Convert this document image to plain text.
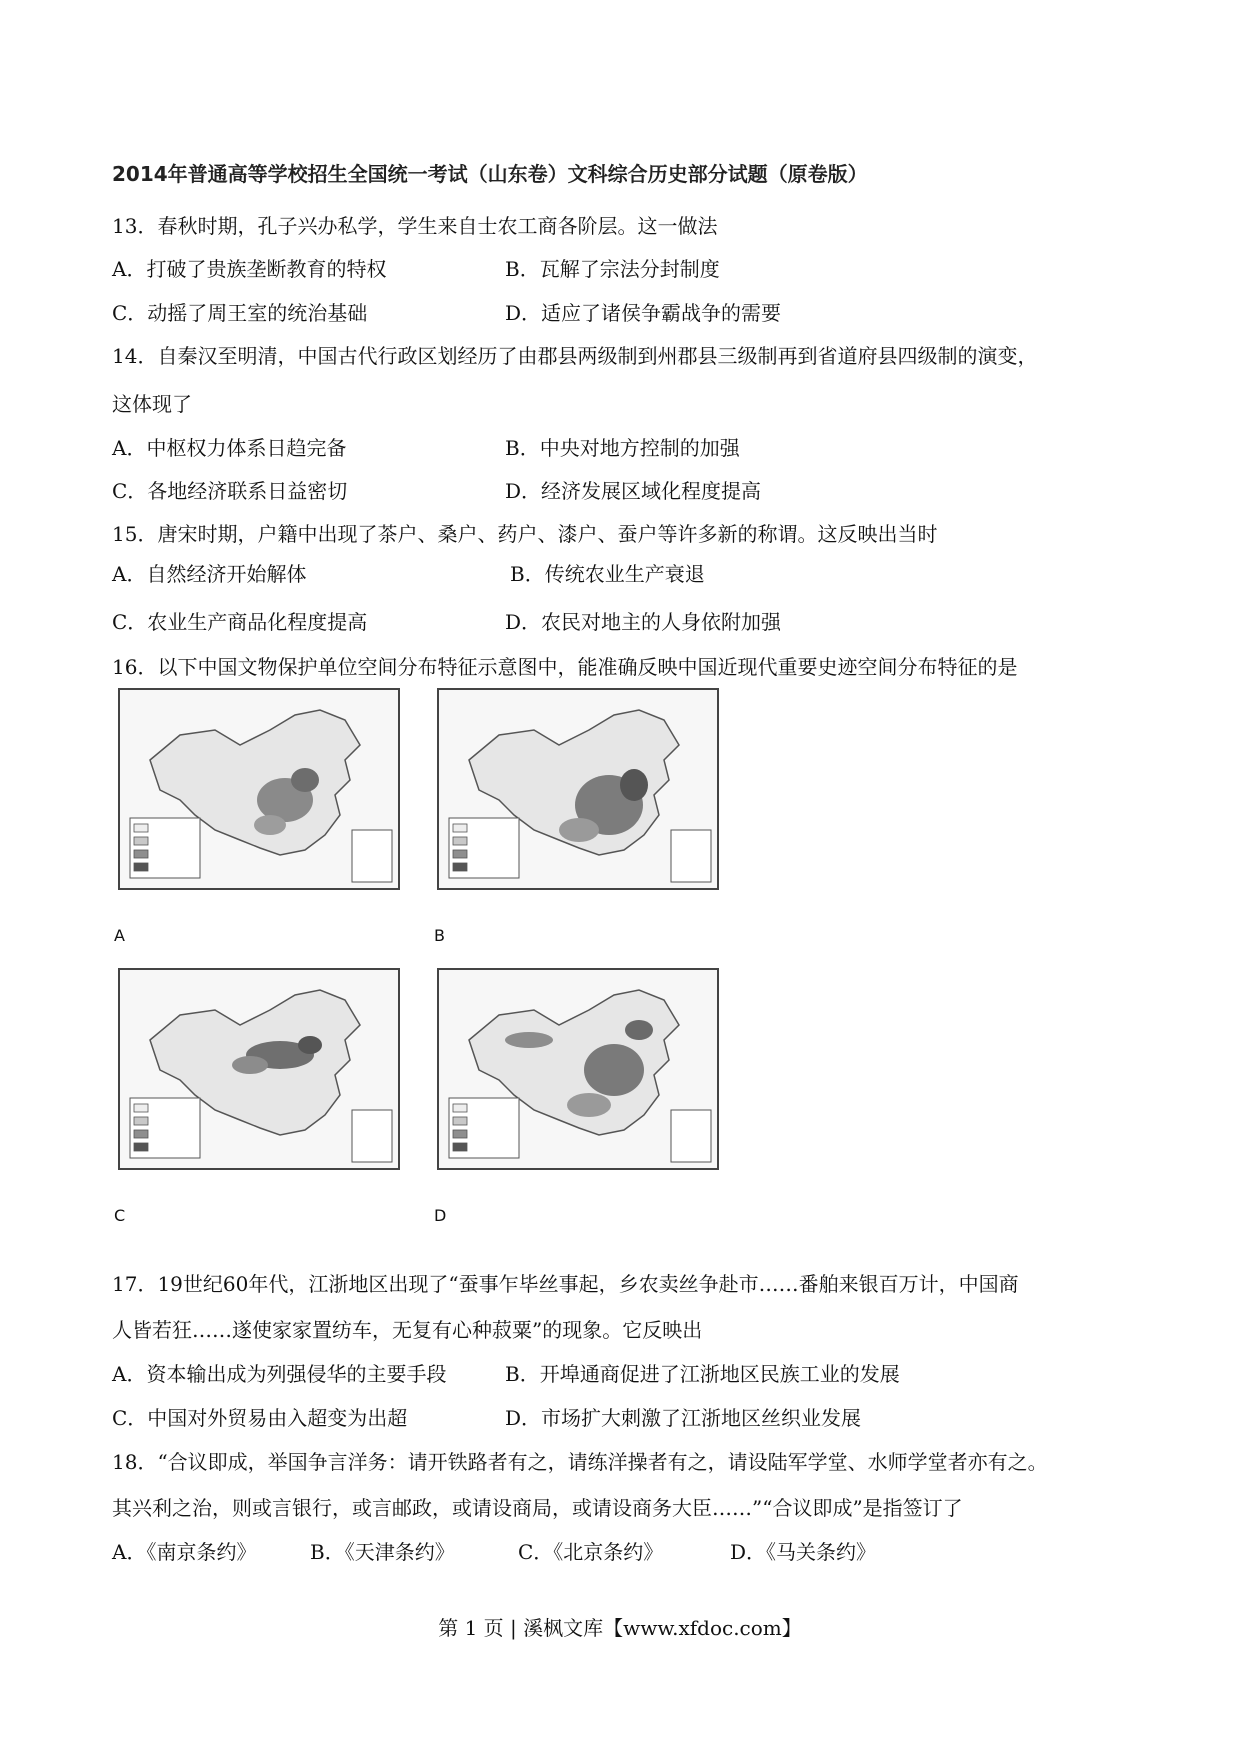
2014年普通高等学校招生全国统一考试（山东卷）文科综合历史部分试题（原卷版）
13．春秋时期，孔子兴办私学，学生来自士农工商各阶层。这一做法
A．打破了贵族垄断教育的特权	B．瓦解了宗法分封制度
C．动摇了周王室的统治基础	D．适应了诸侯争霸战争的需要
14．自秦汉至明清，中国古代行政区划经历了由郡县两级制到州郡县三级制再到省道府县四级制的演变，
这体现了
A．中枢权力体系日趋完备	B．中央对地方控制的加强
C．各地经济联系日益密切	D．经济发展区域化程度提高
15．唐宋时期，户籍中出现了茶户、桑户、药户、漆户、蚕户等许多新的称谓。这反映出当时
A．自然经济开始解体	B．传统农业生产衰退
C．农业生产商品化程度提高	D．农民对地主的人身依附加强
16．以下中国文物保护单位空间分布特征示意图中，能准确反映中国近现代重要史迹空间分布特征的是
A	B
C	D
17．19世纪60年代，江浙地区出现了“蚕事乍毕丝事起，乡农卖丝争赴市……番舶来银百万计，中国商
人皆若狂……遂使家家置纺车，无复有心种菽粟”的现象。它反映出
A．资本输出成为列强侵华的主要手段	B．开埠通商促进了江浙地区民族工业的发展
C．中国对外贸易由入超变为出超	D．市场扩大刺激了江浙地区丝织业发展
18．“合议即成，举国争言洋务：请开铁路者有之，请练洋操者有之，请设陆军学堂、水师学堂者亦有之。
其兴利之治，则或言银行，或言邮政，或请设商局，或请设商务大臣……”“合议即成”是指签订了
A．《南京条约》	B．《天津条约》	C．《北京条约》	D．《马关条约》
第 1 页 | 溪枫文库【www.xfdoc.com】
